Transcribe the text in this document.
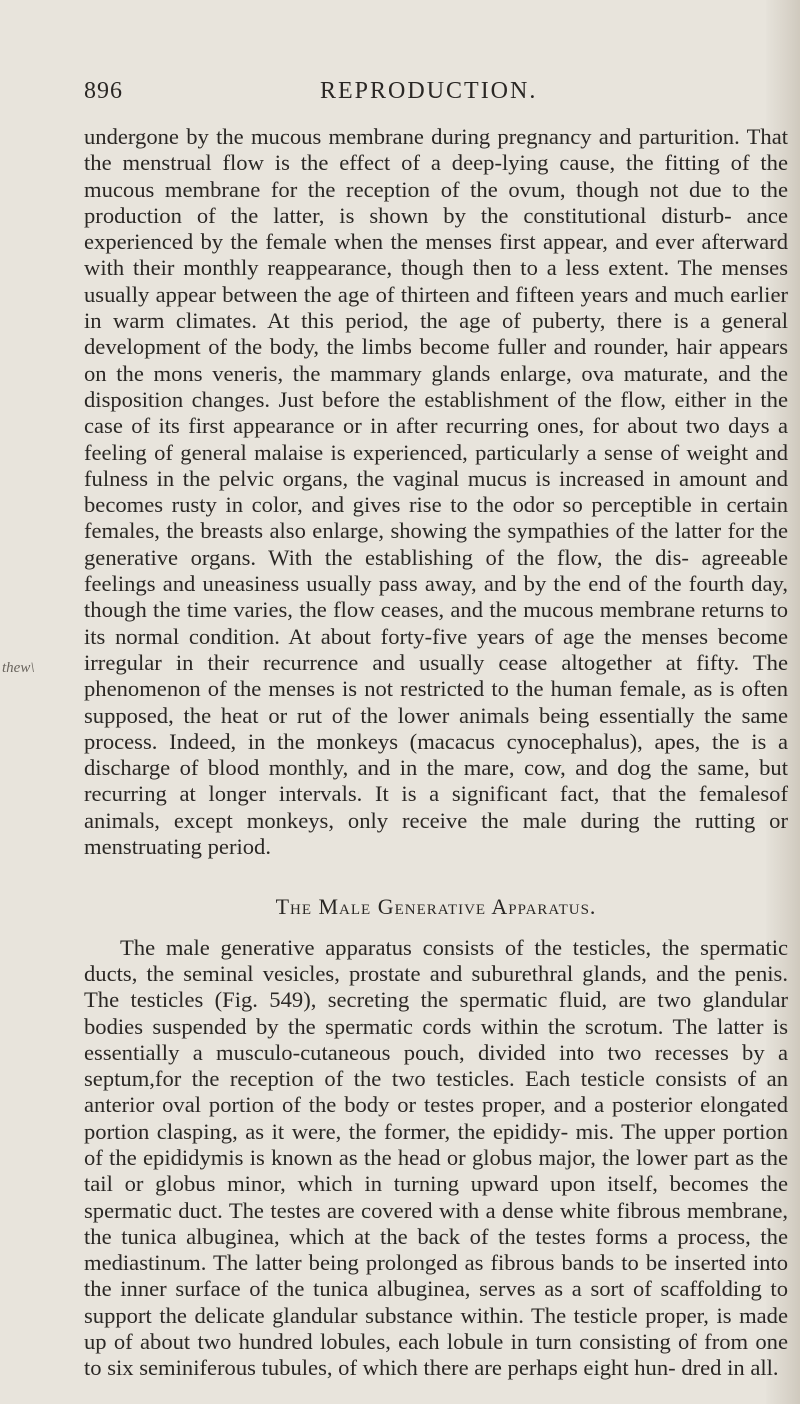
896	REPRODUCTION.
thew\

undergone by the mucous membrane during pregnancy and parturition. That the menstrual flow is the effect of a deep-lying cause, the fitting of the mucous membrane for the reception of the ovum, though not due to the production of the latter, is shown by the constitutional disturb- ance experienced by the female when the menses first appear, and ever afterward with their monthly reappearance, though then to a less extent. The menses usually appear between the age of thirteen and fifteen years and much earlier in warm climates. At this period, the age of puberty, there is a general development of the body, the limbs become fuller and rounder, hair appears on the mons veneris, the mammary glands enlarge, ova maturate, and the disposition changes. Just before the establishment of the flow, either in the case of its first appearance or in after recurring ones, for about two days a feeling of general malaise is experienced, particularly a sense of weight and fulness in the pelvic organs, the vaginal mucus is increased in amount and becomes rusty in color, and gives rise to the odor so perceptible in certain females, the breasts also enlarge, showing the sympathies of the latter for the generative organs. With the establishing of the flow, the dis- agreeable feelings and uneasiness usually pass away, and by the end of the fourth day, though the time varies, the flow ceases, and the mucous membrane returns to its normal condition. At about forty-five years of age the menses become irregular in their recurrence and usually cease altogether at fifty. The phenomenon of the menses is not restricted to the human female, as is often supposed, the heat or rut of the lower animals being essentially the same process. Indeed, in the monkeys (macacus cynocephalus), apes, the is a discharge of blood monthly, and in the mare, cow, and dog the same, but recurring at longer intervals. It is a significant fact, that the femalesof animals, except monkeys, only receive the male during the rutting or menstruating period.

The Male Generative Apparatus.

The male generative apparatus consists of the testicles, the spermatic ducts, the seminal vesicles, prostate and suburethral glands, and the penis. The testicles (Fig. 549), secreting the spermatic fluid, are two glandular bodies suspended by the spermatic cords within the scrotum. The latter is essentially a musculo-cutaneous pouch, divided into two recesses by a septum,for the reception of the two testicles. Each testicle consists of an anterior oval portion of the body or testes proper, and a posterior elongated portion clasping, as it were, the former, the epididy- mis. The upper portion of the epididymis is known as the head or globus major, the lower part as the tail or globus minor, which in turning upward upon itself, becomes the spermatic duct. The testes are covered with a dense white fibrous membrane, the tunica albuginea, which at the back of the testes forms a process, the mediastinum. The latter being prolonged as fibrous bands to be inserted into the inner surface of the tunica albuginea, serves as a sort of scaffolding to support the delicate glandular substance within. The testicle proper, is made up of about two hundred lobules, each lobule in turn consisting of from one to six seminiferous tubules, of which there are perhaps eight hun- dred in all.
